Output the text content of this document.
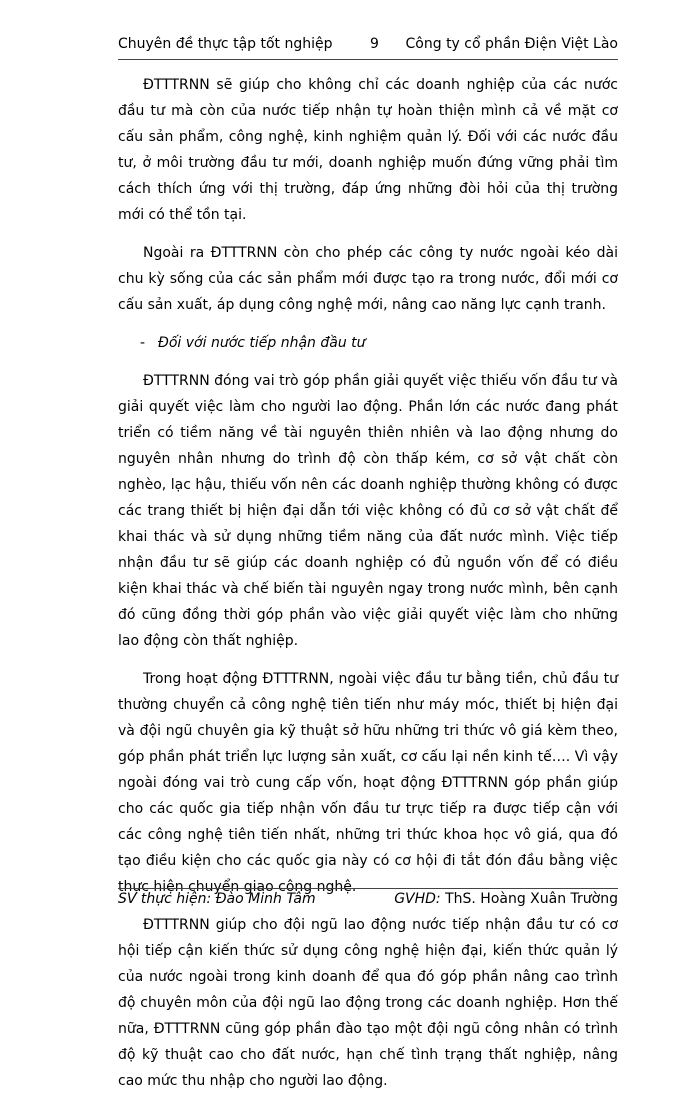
Chuyên đề thực tập tốt nghiệp	9 Công ty cổ phần Điện Việt Lào

ĐTTTRNN sẽ giúp cho không chỉ các doanh nghiệp của các nước đầu tư mà còn của nước tiếp nhận tự hoàn thiện mình cả về mặt cơ cấu sản phẩm, công nghệ, kinh nghiệm quản lý. Đối với các nước đầu tư, ở môi trường đầu tư mới, doanh nghiệp muốn đứng vững phải tìm cách thích ứng với thị trường, đáp ứng những đòi hỏi của thị trường mới có thể tồn tại.

Ngoài ra ĐTTTRNN còn cho phép các công ty nước ngoài kéo dài chu kỳ sống của các sản phẩm mới được tạo ra trong nước, đổi mới cơ cấu sản xuất, áp dụng công nghệ mới, nâng cao năng lực cạnh tranh.

- Đối với nước tiếp nhận đầu tư

ĐTTTRNN đóng vai trò góp phần giải quyết việc thiếu vốn đầu tư và giải quyết việc làm cho người lao động. Phần lớn các nước đang phát triển có tiềm năng về tài nguyên thiên nhiên và lao động nhưng do nguyên nhân nhưng do trình độ còn thấp kém, cơ sở vật chất còn nghèo, lạc hậu, thiếu vốn nên các doanh nghiệp thường không có được các trang thiết bị hiện đại dẫn tới việc không có đủ cơ sở vật chất để khai thác và sử dụng những tiềm năng của đất nước mình. Việc tiếp nhận đầu tư sẽ giúp các doanh nghiệp có đủ nguồn vốn để có điều kiện khai thác và chế biến tài nguyên ngay trong nước mình, bên cạnh đó cũng đồng thời góp phần vào việc giải quyết việc làm cho những lao động còn thất nghiệp.

Trong hoạt động ĐTTTRNN, ngoài việc đầu tư bằng tiền, chủ đầu tư thường chuyển cả công nghệ tiên tiến như máy móc, thiết bị hiện đại và đội ngũ chuyên gia kỹ thuật sở hữu những tri thức vô giá kèm theo, góp phần phát triển lực lượng sản xuất, cơ cấu lại nền kinh tế…. Vì vậy ngoài đóng vai trò cung cấp vốn, hoạt động ĐTTTRNN góp phần giúp cho các quốc gia tiếp nhận vốn đầu tư trực tiếp ra được tiếp cận với các công nghệ tiên tiến nhất, những tri thức khoa học vô giá, qua đó tạo điều kiện cho các quốc gia này có cơ hội đi tắt đón đầu bằng việc thực hiện chuyển giao công nghệ.

ĐTTTRNN giúp cho đội ngũ lao động nước tiếp nhận đầu tư có cơ hội tiếp cận kiến thức sử dụng công nghệ hiện đại, kiến thức quản lý của nước ngoài trong kinh doanh để qua đó góp phần nâng cao trình độ chuyên môn của đội ngũ lao động trong các doanh nghiệp. Hơn thế nữa, ĐTTTRNN cũng góp phần đào tạo một đội ngũ công nhân có trình độ kỹ thuật cao cho đất nước, hạn chế tình trạng thất nghiệp, nâng cao mức thu nhập cho người lao động.

SV thực hiện: Đào Minh Tâm	GVHD: ThS. Hoàng Xuân Trường
